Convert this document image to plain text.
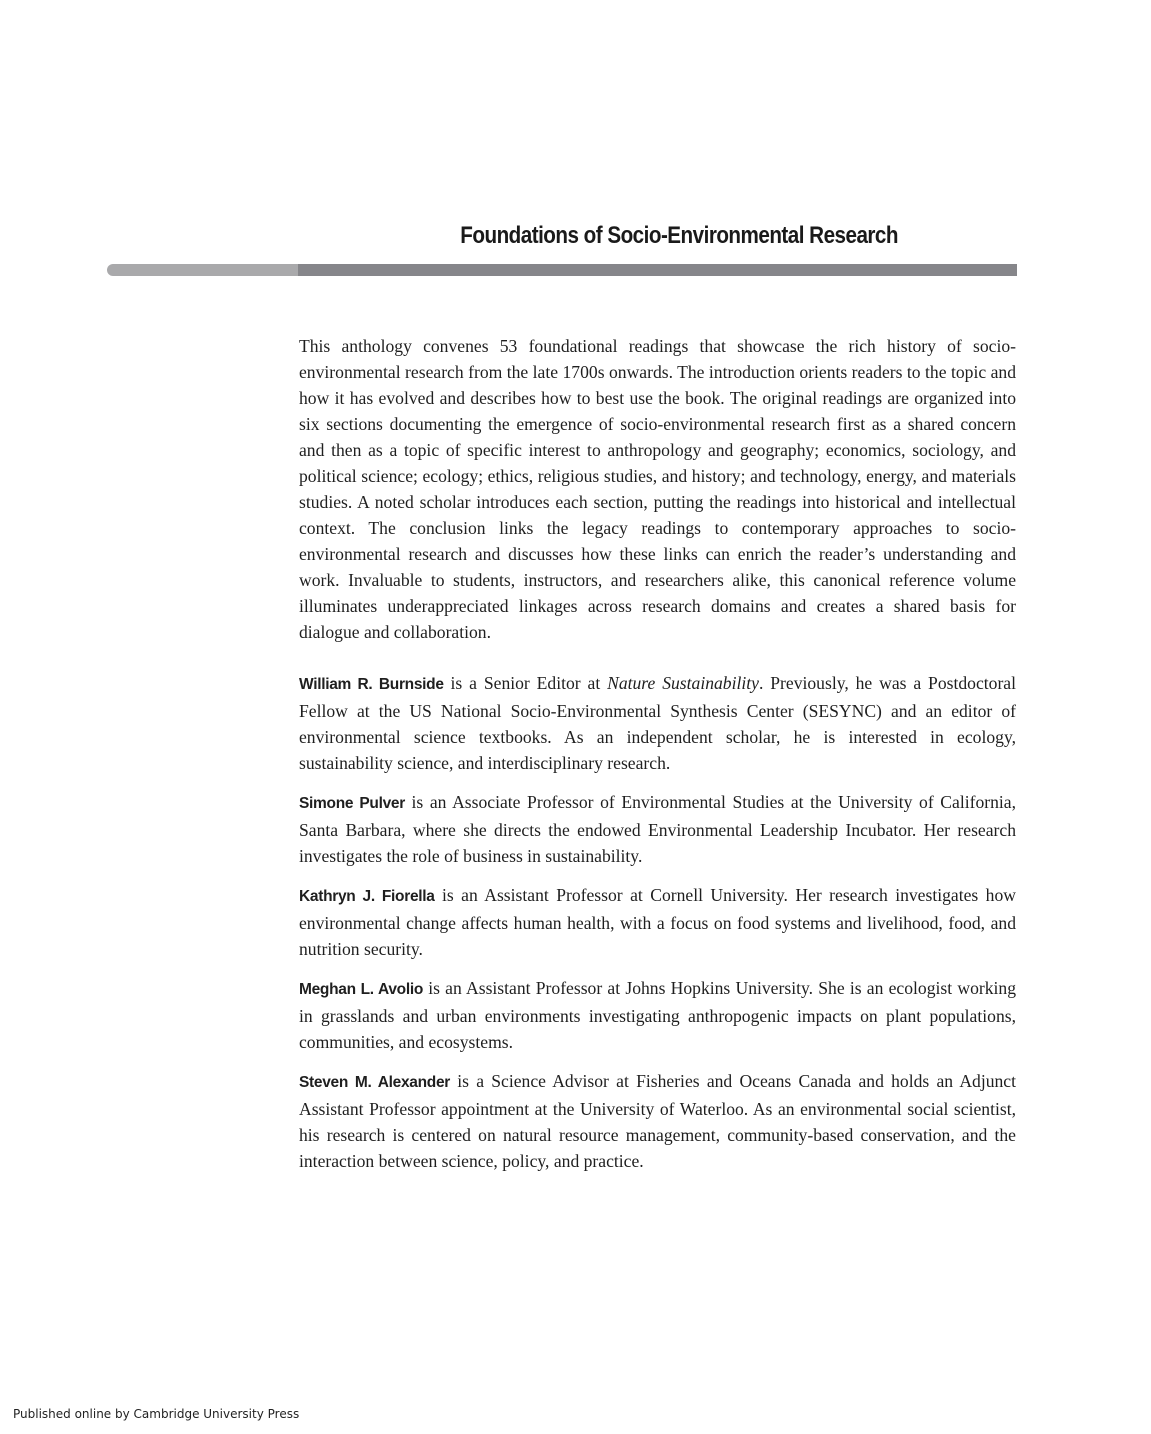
Foundations of Socio-Environmental Research

This anthology convenes 53 foundational readings that showcase the rich history of socio-environmental research from the late 1700s onwards. The introduction orients readers to the topic and how it has evolved and describes how to best use the book. The original readings are organized into six sections documenting the emergence of socio-environmental research first as a shared concern and then as a topic of specific interest to anthropology and geography; economics, sociology, and political science; ecology; ethics, religious studies, and history; and technology, energy, and materials studies. A noted scholar introduces each section, putting the readings into historical and intellectual context. The conclusion links the legacy readings to contemporary approaches to socio-environmental research and discusses how these links can enrich the reader’s understanding and work. Invaluable to students, instructors, and researchers alike, this canonical reference volume illuminates underappreciated linkages across research domains and creates a shared basis for dialogue and collaboration.

William R. Burnside is a Senior Editor at Nature Sustainability. Previously, he was a Postdoctoral Fellow at the US National Socio-Environmental Synthesis Center (SESYNC) and an editor of environmental science textbooks. As an independent scholar, he is interested in ecology, sustainability science, and interdisciplinary research.

Simone Pulver is an Associate Professor of Environmental Studies at the University of California, Santa Barbara, where she directs the endowed Environmental Leadership Incubator. Her research investigates the role of business in sustainability.

Kathryn J. Fiorella is an Assistant Professor at Cornell University. Her research investigates how environmental change affects human health, with a focus on food systems and livelihood, food, and nutrition security.

Meghan L. Avolio is an Assistant Professor at Johns Hopkins University. She is an ecologist working in grasslands and urban environments investigating anthropogenic impacts on plant populations, communities, and ecosystems.

Steven M. Alexander is a Science Advisor at Fisheries and Oceans Canada and holds an Adjunct Assistant Professor appointment at the University of Waterloo. As an environmental social scientist, his research is centered on natural resource management, community-based conservation, and the interaction between science, policy, and practice.

Published online by Cambridge University Press
